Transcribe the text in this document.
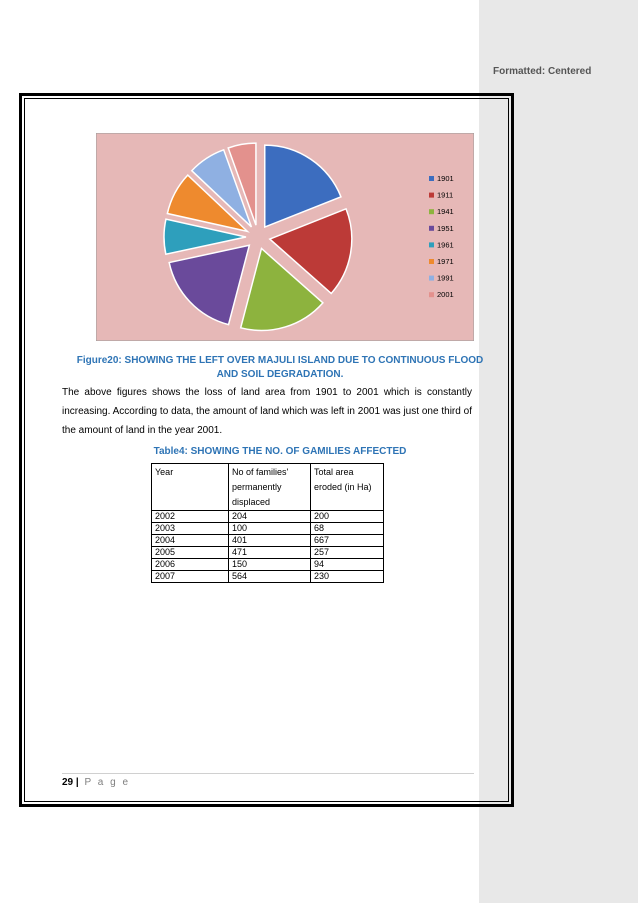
Formatted: Centered
1901
1911
1941
1951
1961
1971
1991
2001
Figure20: SHOWING THE LEFT OVER MAJULI ISLAND DUE TO CONTINUOUS FLOOD
AND SOIL DEGRADATION.
The above figures shows the loss of land area from 1901 to 2001 which is constantly increasing. According to data, the amount of land which was left in 2001 was just one third of the amount of land in the year 2001.
Table4: SHOWING THE NO. OF GAMILIES AFFECTED
Year	No of families' permanently displaced	Total area eroded (in Ha)
2002	204	200
2003	100	68
2004	401	667
2005	471	257
2006	150	94
2007	564	230
29 | P a g e
